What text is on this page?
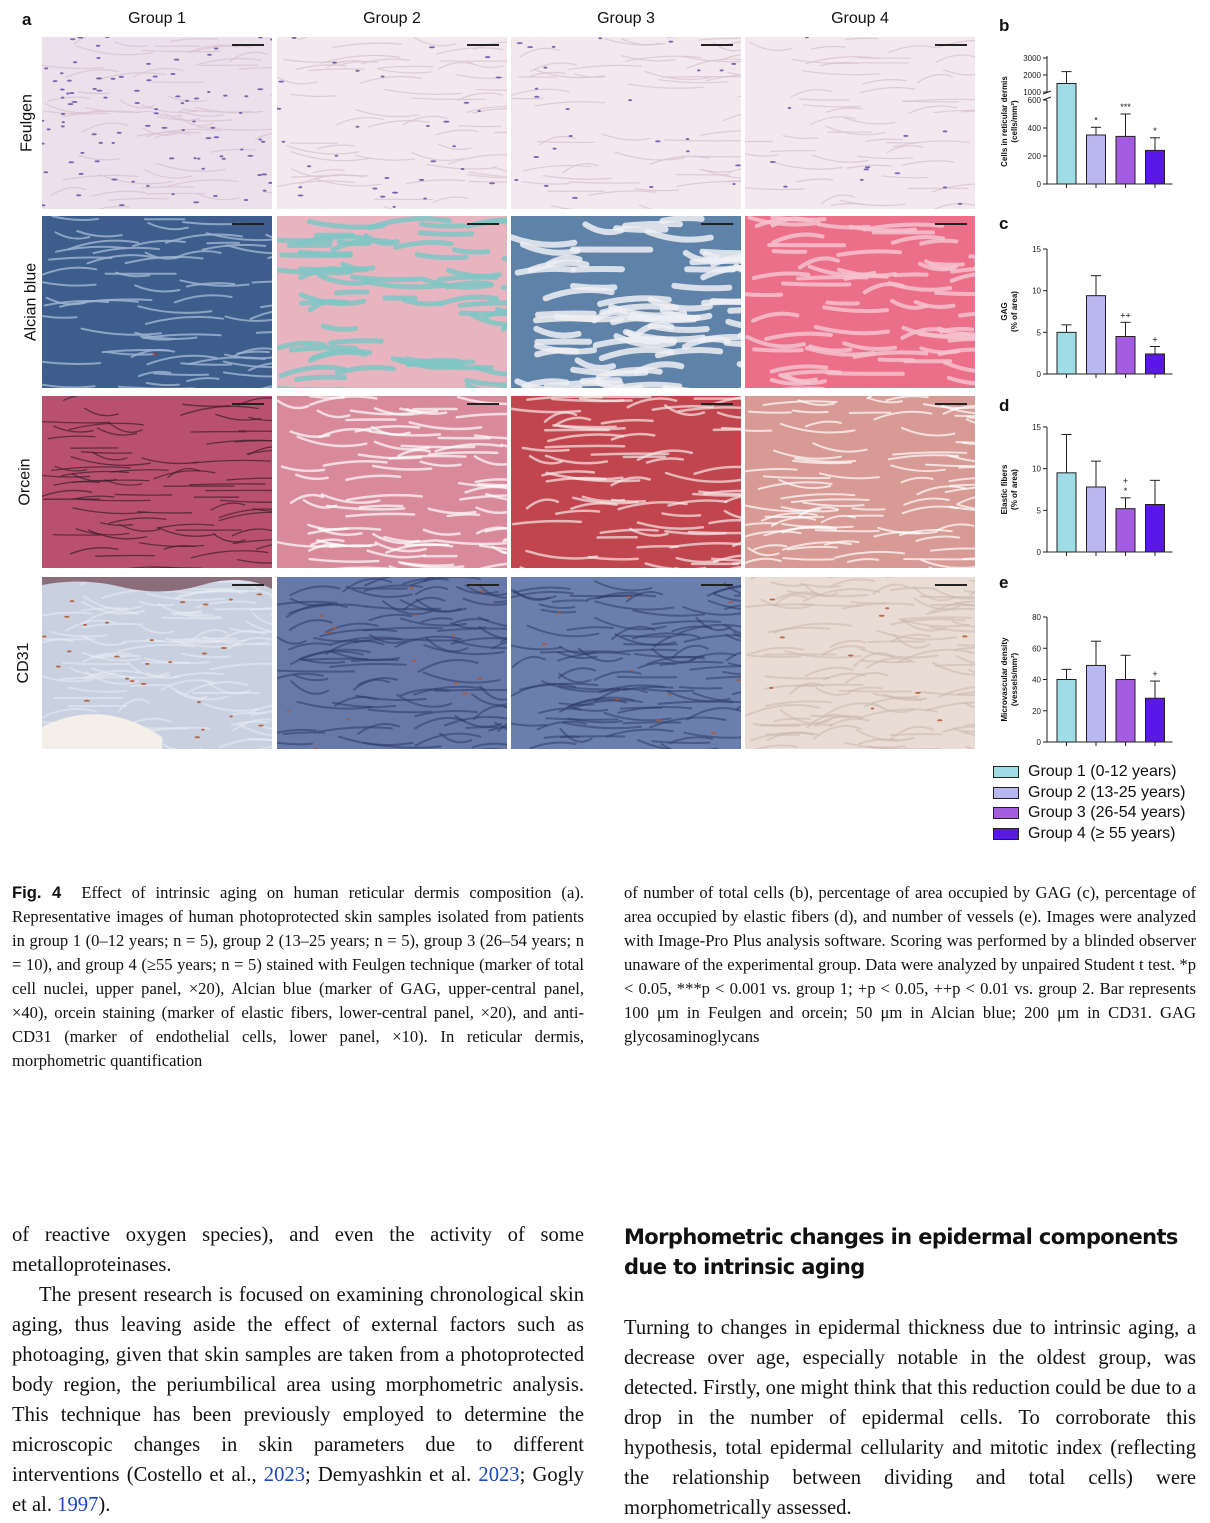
a	Group 1	Group 2	Group 3	Group 4
Feulgen
Alcian blue
Orcein
CD31
b
c
d
e
0
200
400
600
1000
2000
3000
Cells in reticular dermis(cells/mm²)	*
***
*
0
5
10
15
GAG(% of area)	++
+
0
5
10
15
Elastic fibers(% of area)	+
*
0
20
40
60
80
Microvascular density(vessels/mm²)	+
Group 1 (0-12 years)
Group 2 (13-25 years)
Group 3 (26-54 years)
Group 4 (≥ 55 years)
Fig. 4 Effect of intrinsic aging on human reticular dermis composition (a). Representative images of human photoprotected skin samples isolated from patients in group 1 (0–12 years; n = 5), group 2 (13–25 years; n = 5), group 3 (26–54 years; n = 10), and group 4 (≥55 years; n = 5) stained with Feulgen technique (marker of total cell nuclei, upper panel, ×20), Alcian blue (marker of GAG, upper-central panel, ×40), orcein staining (marker of elastic fibers, lower-central panel, ×20), and anti-CD31 (marker of endothelial cells, lower panel, ×10). In reticular dermis, morphometric quantification
of number of total cells (b), percentage of area occupied by GAG (c), percentage of area occupied by elastic fibers (d), and number of vessels (e). Images were analyzed with Image-Pro Plus analysis software. Scoring was performed by a blinded observer unaware of the experimental group. Data were analyzed by unpaired Student t test. *p < 0.05, ***p < 0.001 vs. group 1; +p < 0.05, ++p < 0.01 vs. group 2. Bar represents 100 μm in Feulgen and orcein; 50 μm in Alcian blue; 200 μm in CD31. GAG glycosaminoglycans

of reactive oxygen species), and even the activity of some metalloproteinases.

The present research is focused on examining chronological skin aging, thus leaving aside the effect of external factors such as photoaging, given that skin samples are taken from a photoprotected body region, the periumbilical area using morphometric analysis. This technique has been previously employed to determine the microscopic changes in skin parameters due to different interventions (Costello et al., 2023; Demyashkin et al. 2023; Gogly et al. 1997).

Morphometric changes in epidermal components due to intrinsic aging

Turning to changes in epidermal thickness due to intrinsic aging, a decrease over age, especially notable in the oldest group, was detected. Firstly, one might think that this reduction could be due to a drop in the number of epidermal cells. To corroborate this hypothesis, total epidermal cellularity and mitotic index (reflecting the relationship between dividing and total cells) were morphometrically assessed.
